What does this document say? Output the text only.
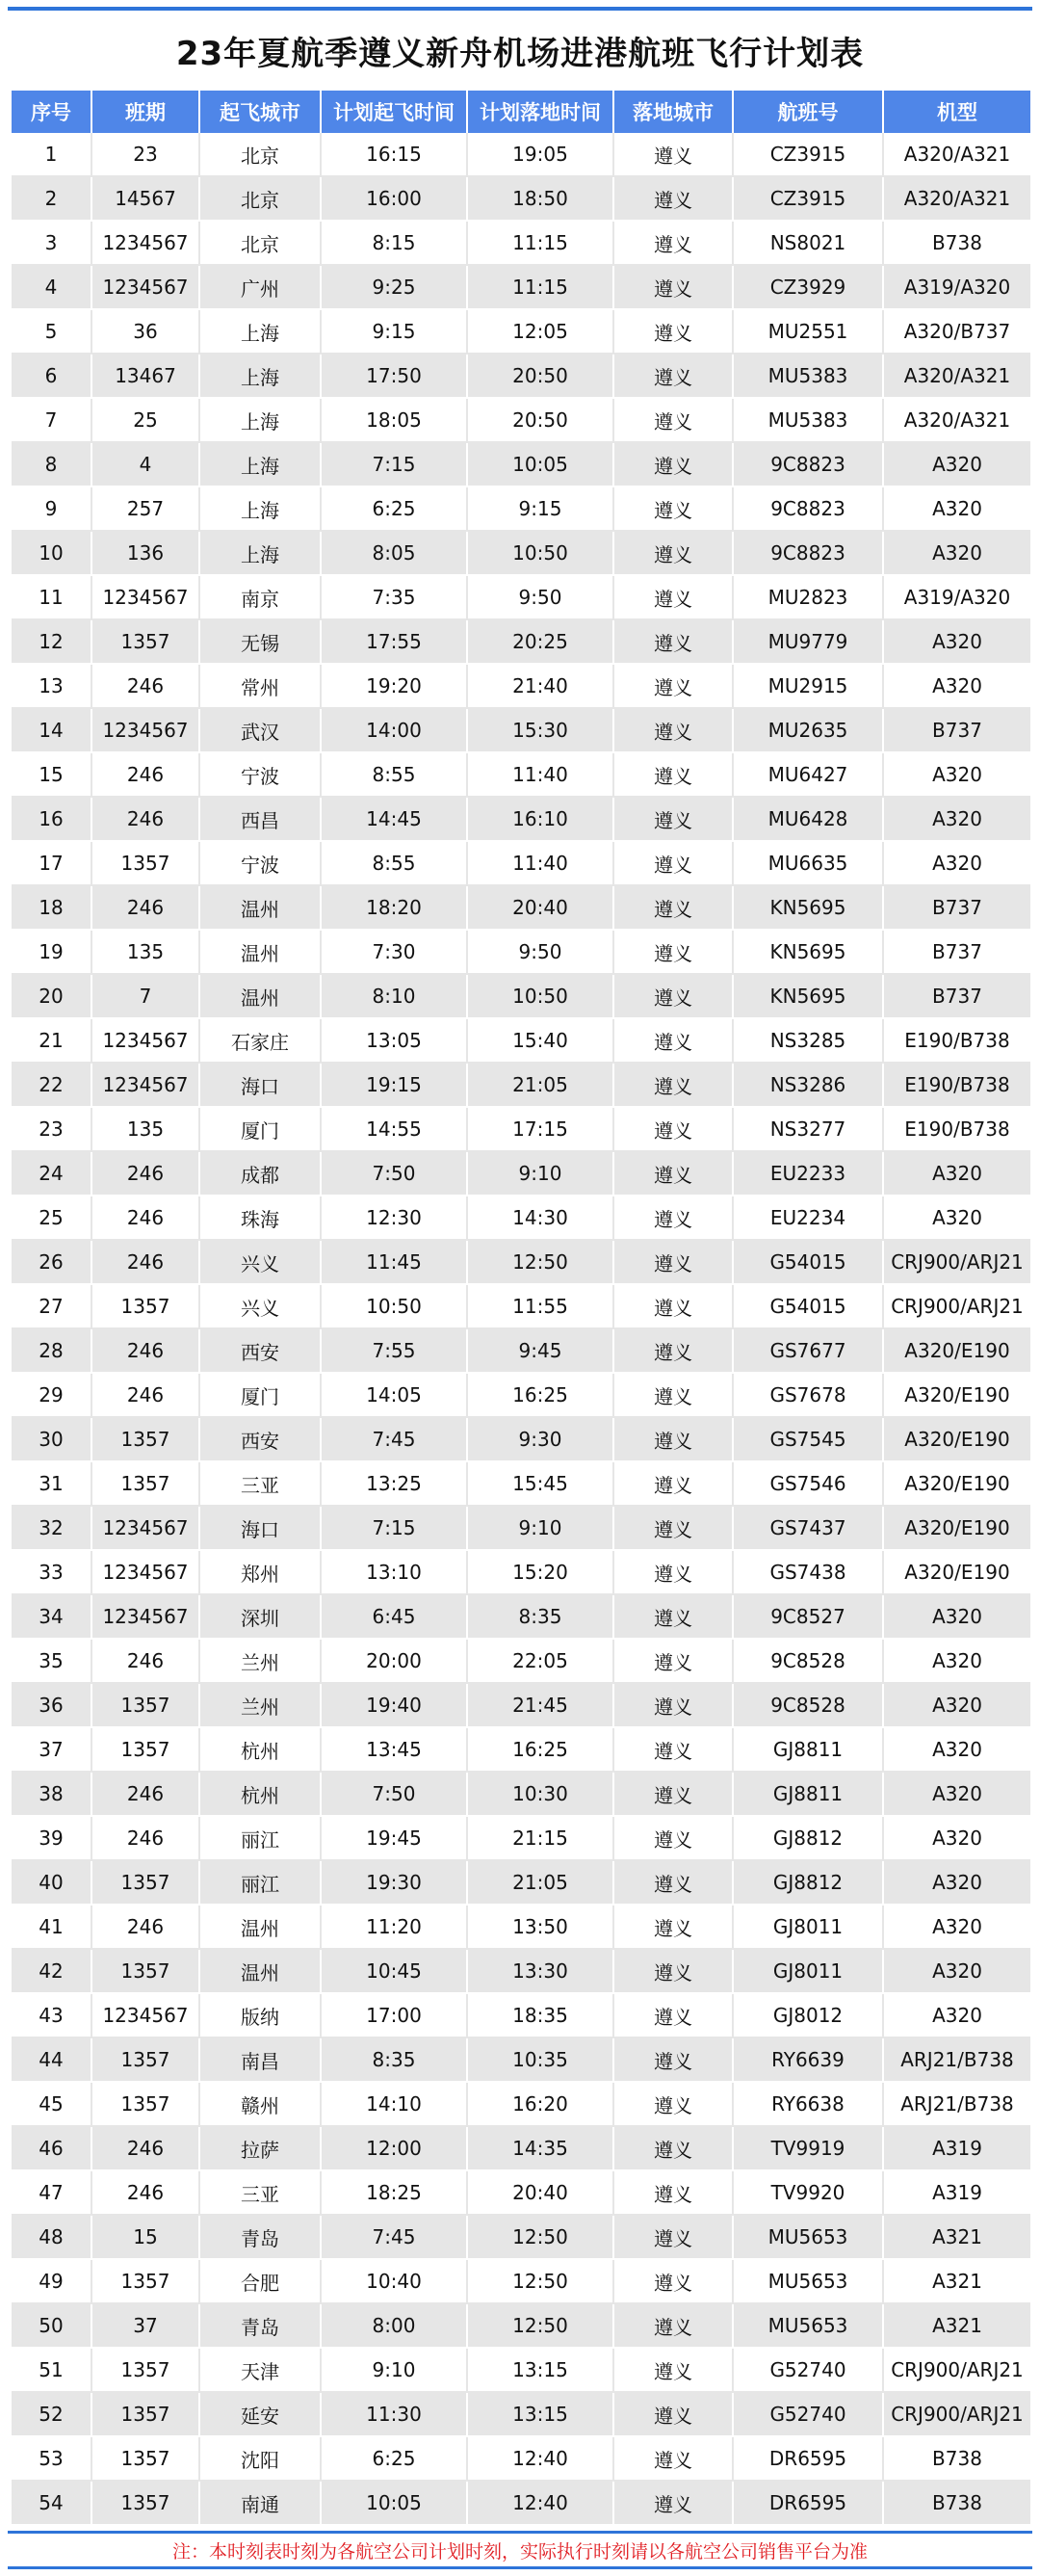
23年夏航季遵义新舟机场进港航班飞行计划表
序号	班期	起飞城市	计划起飞时间	计划落地时间	落地城市	航班号	机型
1	23	北京	16:15	19:05	遵义	CZ3915	A320/A321
2	14567	北京	16:00	18:50	遵义	CZ3915	A320/A321
3	1234567	北京	8:15	11:15	遵义	NS8021	B738
4	1234567	广州	9:25	11:15	遵义	CZ3929	A319/A320
5	36	上海	9:15	12:05	遵义	MU2551	A320/B737
6	13467	上海	17:50	20:50	遵义	MU5383	A320/A321
7	25	上海	18:05	20:50	遵义	MU5383	A320/A321
8	4	上海	7:15	10:05	遵义	9C8823	A320
9	257	上海	6:25	9:15	遵义	9C8823	A320
10	136	上海	8:05	10:50	遵义	9C8823	A320
11	1234567	南京	7:35	9:50	遵义	MU2823	A319/A320
12	1357	无锡	17:55	20:25	遵义	MU9779	A320
13	246	常州	19:20	21:40	遵义	MU2915	A320
14	1234567	武汉	14:00	15:30	遵义	MU2635	B737
15	246	宁波	8:55	11:40	遵义	MU6427	A320
16	246	西昌	14:45	16:10	遵义	MU6428	A320
17	1357	宁波	8:55	11:40	遵义	MU6635	A320
18	246	温州	18:20	20:40	遵义	KN5695	B737
19	135	温州	7:30	9:50	遵义	KN5695	B737
20	7	温州	8:10	10:50	遵义	KN5695	B737
21	1234567	石家庄	13:05	15:40	遵义	NS3285	E190/B738
22	1234567	海口	19:15	21:05	遵义	NS3286	E190/B738
23	135	厦门	14:55	17:15	遵义	NS3277	E190/B738
24	246	成都	7:50	9:10	遵义	EU2233	A320
25	246	珠海	12:30	14:30	遵义	EU2234	A320
26	246	兴义	11:45	12:50	遵义	G54015	CRJ900/ARJ21
27	1357	兴义	10:50	11:55	遵义	G54015	CRJ900/ARJ21
28	246	西安	7:55	9:45	遵义	GS7677	A320/E190
29	246	厦门	14:05	16:25	遵义	GS7678	A320/E190
30	1357	西安	7:45	9:30	遵义	GS7545	A320/E190
31	1357	三亚	13:25	15:45	遵义	GS7546	A320/E190
32	1234567	海口	7:15	9:10	遵义	GS7437	A320/E190
33	1234567	郑州	13:10	15:20	遵义	GS7438	A320/E190
34	1234567	深圳	6:45	8:35	遵义	9C8527	A320
35	246	兰州	20:00	22:05	遵义	9C8528	A320
36	1357	兰州	19:40	21:45	遵义	9C8528	A320
37	1357	杭州	13:45	16:25	遵义	GJ8811	A320
38	246	杭州	7:50	10:30	遵义	GJ8811	A320
39	246	丽江	19:45	21:15	遵义	GJ8812	A320
40	1357	丽江	19:30	21:05	遵义	GJ8812	A320
41	246	温州	11:20	13:50	遵义	GJ8011	A320
42	1357	温州	10:45	13:30	遵义	GJ8011	A320
43	1234567	版纳	17:00	18:35	遵义	GJ8012	A320
44	1357	南昌	8:35	10:35	遵义	RY6639	ARJ21/B738
45	1357	赣州	14:10	16:20	遵义	RY6638	ARJ21/B738
46	246	拉萨	12:00	14:35	遵义	TV9919	A319
47	246	三亚	18:25	20:40	遵义	TV9920	A319
48	15	青岛	7:45	12:50	遵义	MU5653	A321
49	1357	合肥	10:40	12:50	遵义	MU5653	A321
50	37	青岛	8:00	12:50	遵义	MU5653	A321
51	1357	天津	9:10	13:15	遵义	G52740	CRJ900/ARJ21
52	1357	延安	11:30	13:15	遵义	G52740	CRJ900/ARJ21
53	1357	沈阳	6:25	12:40	遵义	DR6595	B738
54	1357	南通	10:05	12:40	遵义	DR6595	B738
注：本时刻表时刻为各航空公司计划时刻，实际执行时刻请以各航空公司销售平台为准
